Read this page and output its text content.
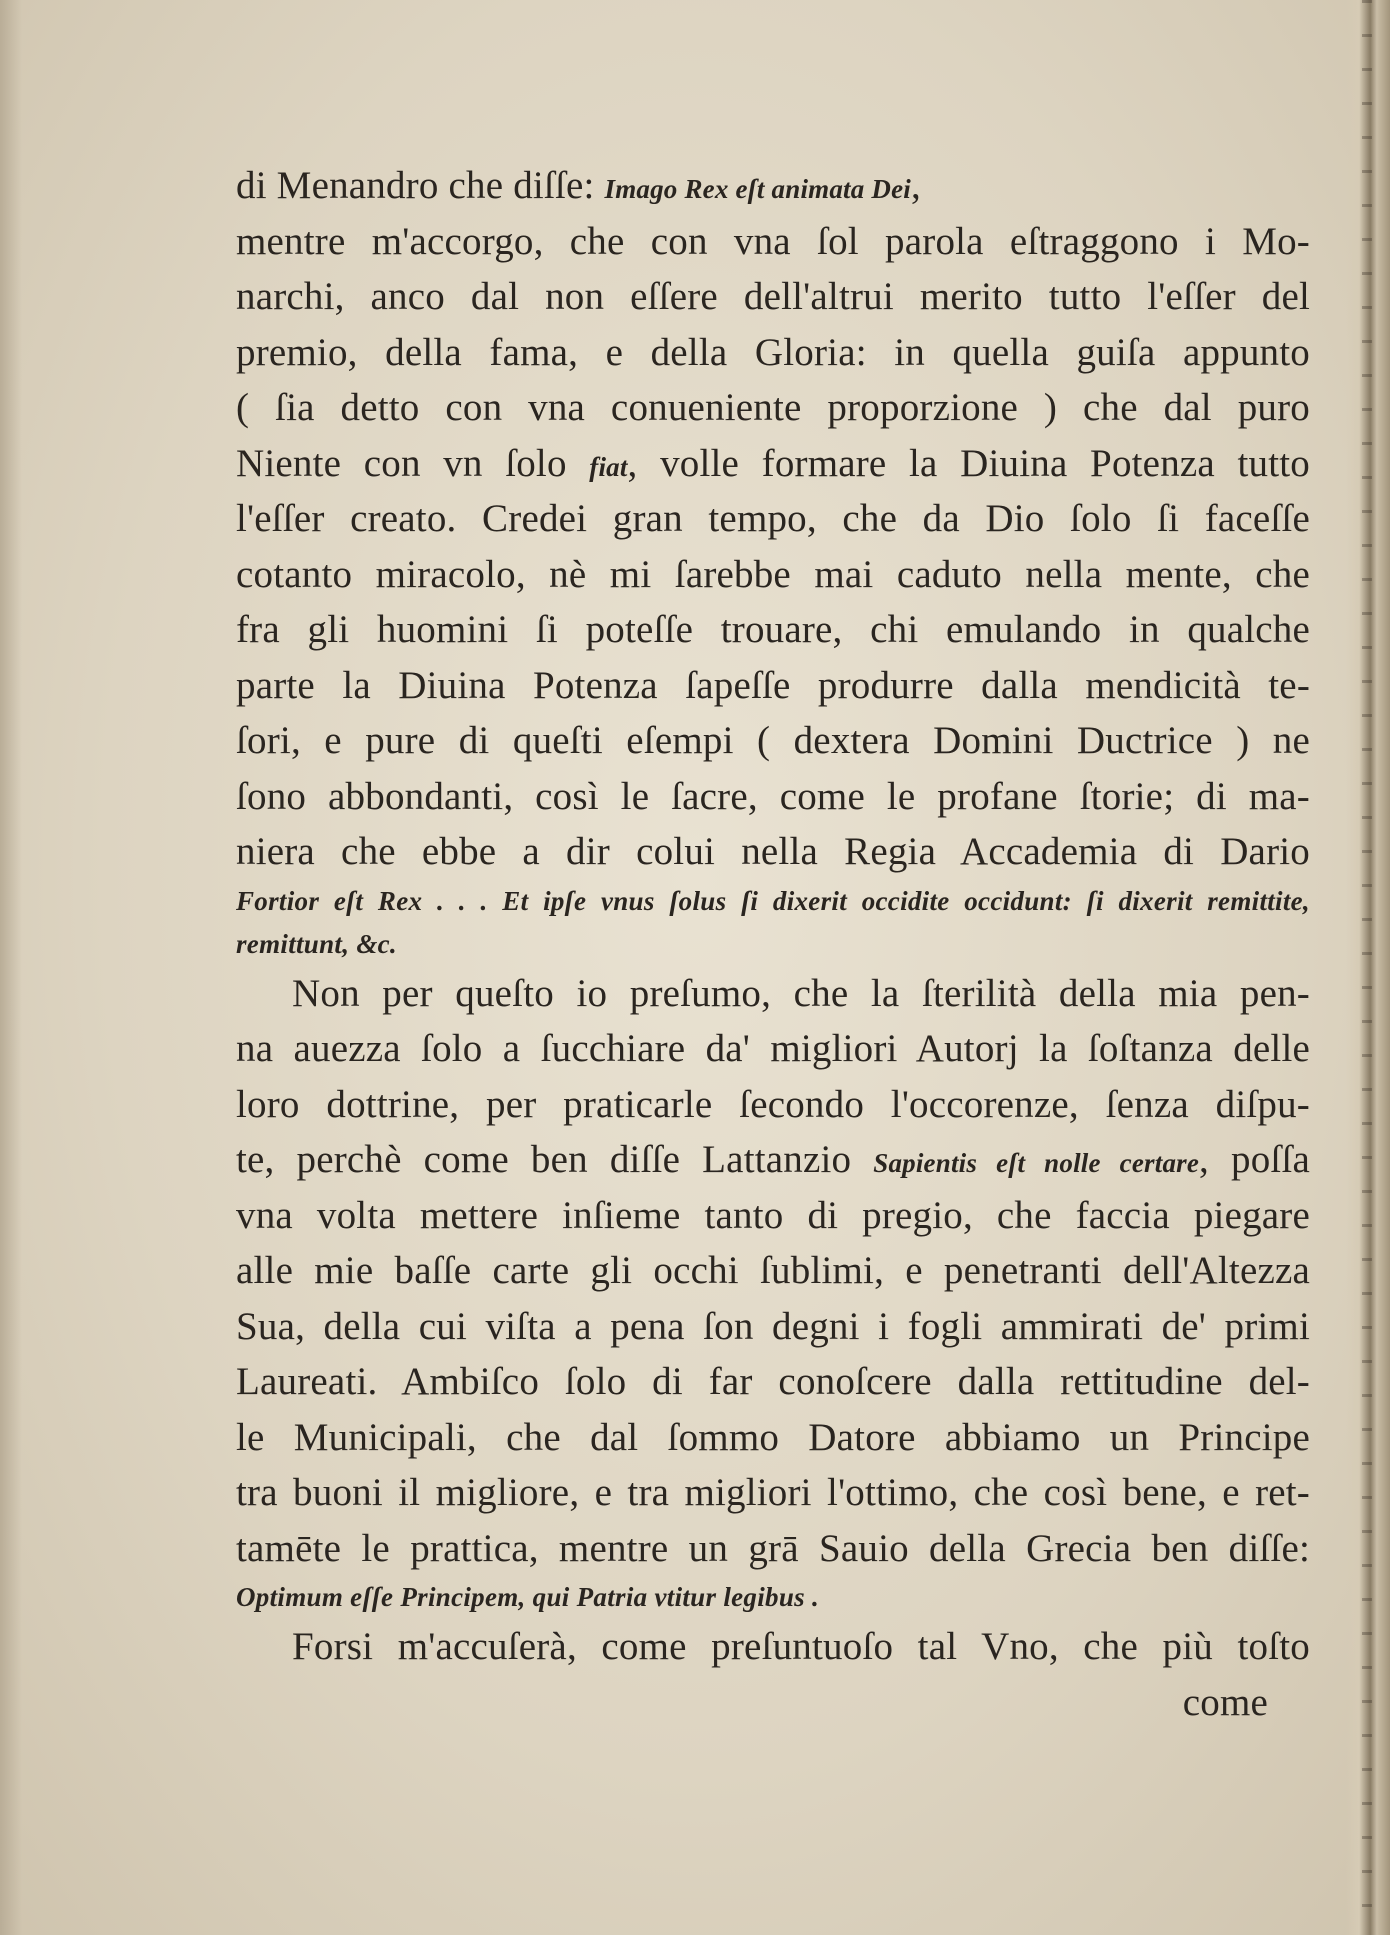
di Menandro che diſſe: Imago Rex eſt animata Dei,
mentre m'accorgo, che con vna ſol parola eſtraggono i Mo-
narchi, anco dal non eſſere dell'altrui merito tutto l'eſſer del
premio, della fama, e della Gloria: in quella guiſa appunto
( ſia detto con vna conueniente proporzione ) che dal puro
Niente con vn ſolo fiat, volle formare la Diuina Potenza tutto
l'eſſer creato. Credei gran tempo, che da Dio ſolo ſi faceſſe
cotanto miracolo, nè mi ſarebbe mai caduto nella mente, che
fra gli huomini ſi poteſſe trouare, chi emulando in qualche
parte la Diuina Potenza ſapeſſe produrre dalla mendicità te-
ſori, e pure di queſti eſempi ( dextera Domini Ductrice ) ne
ſono abbondanti, così le ſacre, come le profane ſtorie; di ma-
niera che ebbe a dir colui nella Regia Accademia di Dario
Fortior eſt Rex . . . Et ipſe vnus ſolus ſi dixerit occidite occidunt: ſi dixerit remittite,
remittunt, &c.
Non per queſto io preſumo, che la ſterilità della mia pen-
na auezza ſolo a ſucchiare da' migliori Autorj la ſoſtanza delle
loro dottrine, per praticarle ſecondo l'occorenze, ſenza diſpu-
te, perchè come ben diſſe Lattanzio Sapientis eſt nolle certare, poſſa
vna volta mettere inſieme tanto di pregio, che faccia piegare
alle mie baſſe carte gli occhi ſublimi, e penetranti dell'Altezza
Sua, della cui viſta a pena ſon degni i fogli ammirati de' primi
Laureati. Ambiſco ſolo di far conoſcere dalla rettitudine del-
le Municipali, che dal ſommo Datore abbiamo un Principe
tra buoni il migliore, e tra migliori l'ottimo, che così bene, e ret-
tamēte le prattica, mentre un grā Sauio della Grecia ben diſſe:
Optimum eſſe Principem, qui Patria vtitur legibus .
Forsi m'accuſerà, come preſuntuoſo tal Vno, che più toſto
come
